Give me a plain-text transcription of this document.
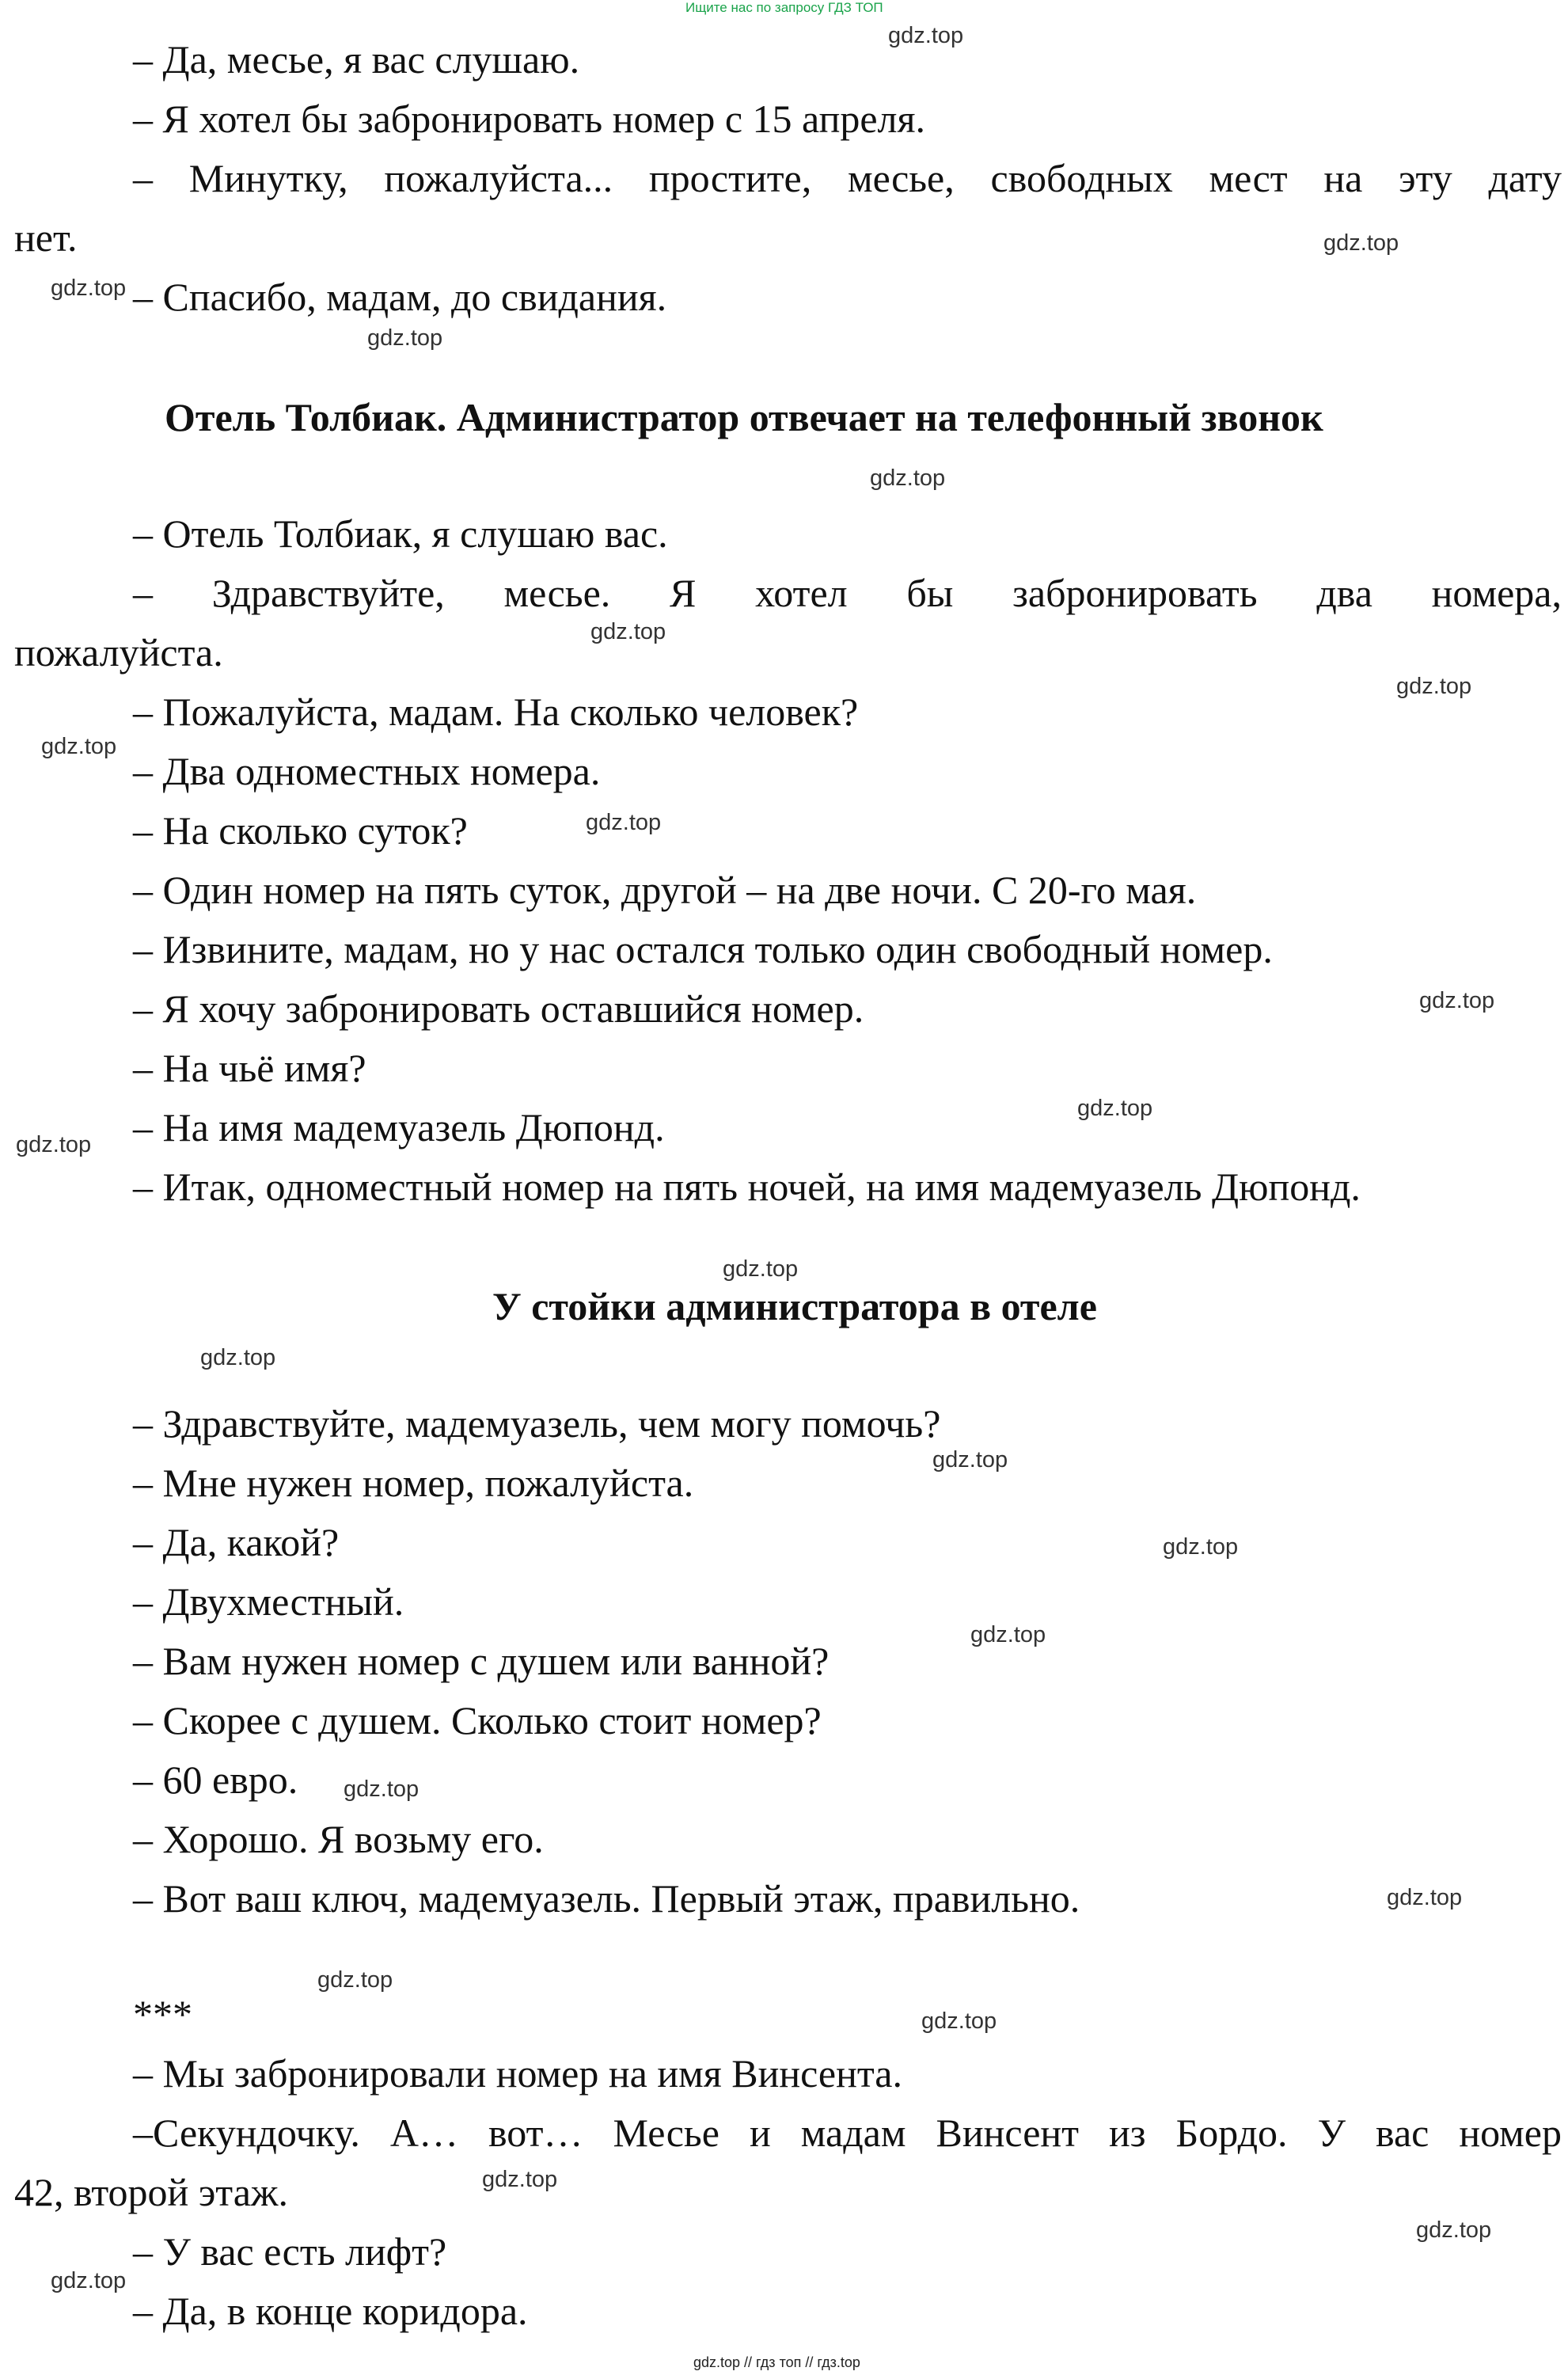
Ищите нас по запросу ГДЗ ТОП

– Да, месье, я вас слушаю.

– Я хотел бы забронировать номер с 15 апреля.

– Минутку, пожалуйста... простите, месье, свободных мест на эту дату

нет.

– Спасибо, мадам, до свидания.

Отель Толбиак. Администратор отвечает на телефонный звонок

– Отель Толбиак, я слушаю вас.

– Здравствуйте, месье. Я хотел бы забронировать два номера,

пожалуйста.

– Пожалуйста, мадам. На сколько человек?

– Два одноместных номера.

– На сколько суток?

– Один номер на пять суток, другой – на две ночи. С 20-го мая.

– Извините, мадам, но у нас остался только один свободный номер.

– Я хочу забронировать оставшийся номер.

– На чьё имя?

– На имя мадемуазель Дюпонд.

– Итак, одноместный номер на пять ночей, на имя мадемуазель Дюпонд.

У стойки администратора в отеле

– Здравствуйте, мадемуазель, чем могу помочь?

– Мне нужен номер, пожалуйста.

– Да, какой?

– Двухместный.

– Вам нужен номер с душем или ванной?

– Скорее с душем. Сколько стоит номер?

– 60 евро.

– Хорошо. Я возьму его.

– Вот ваш ключ, мадемуазель. Первый этаж, правильно.

***

– Мы забронировали номер на имя Винсента.

–Секундочку. А… вот… Месье и мадам Винсент из Бордо. У вас номер

42, второй этаж.

– У вас есть лифт?

– Да, в конце коридора.

gdz.top
gdz.top
gdz.top
gdz.top
gdz.top
gdz.top
gdz.top
gdz.top
gdz.top
gdz.top
gdz.top
gdz.top
gdz.top
gdz.top
gdz.top
gdz.top
gdz.top
gdz.top
gdz.top
gdz.top
gdz.top
gdz.top
gdz.top
gdz.top
gdz.top // гдз топ // гдз.top
